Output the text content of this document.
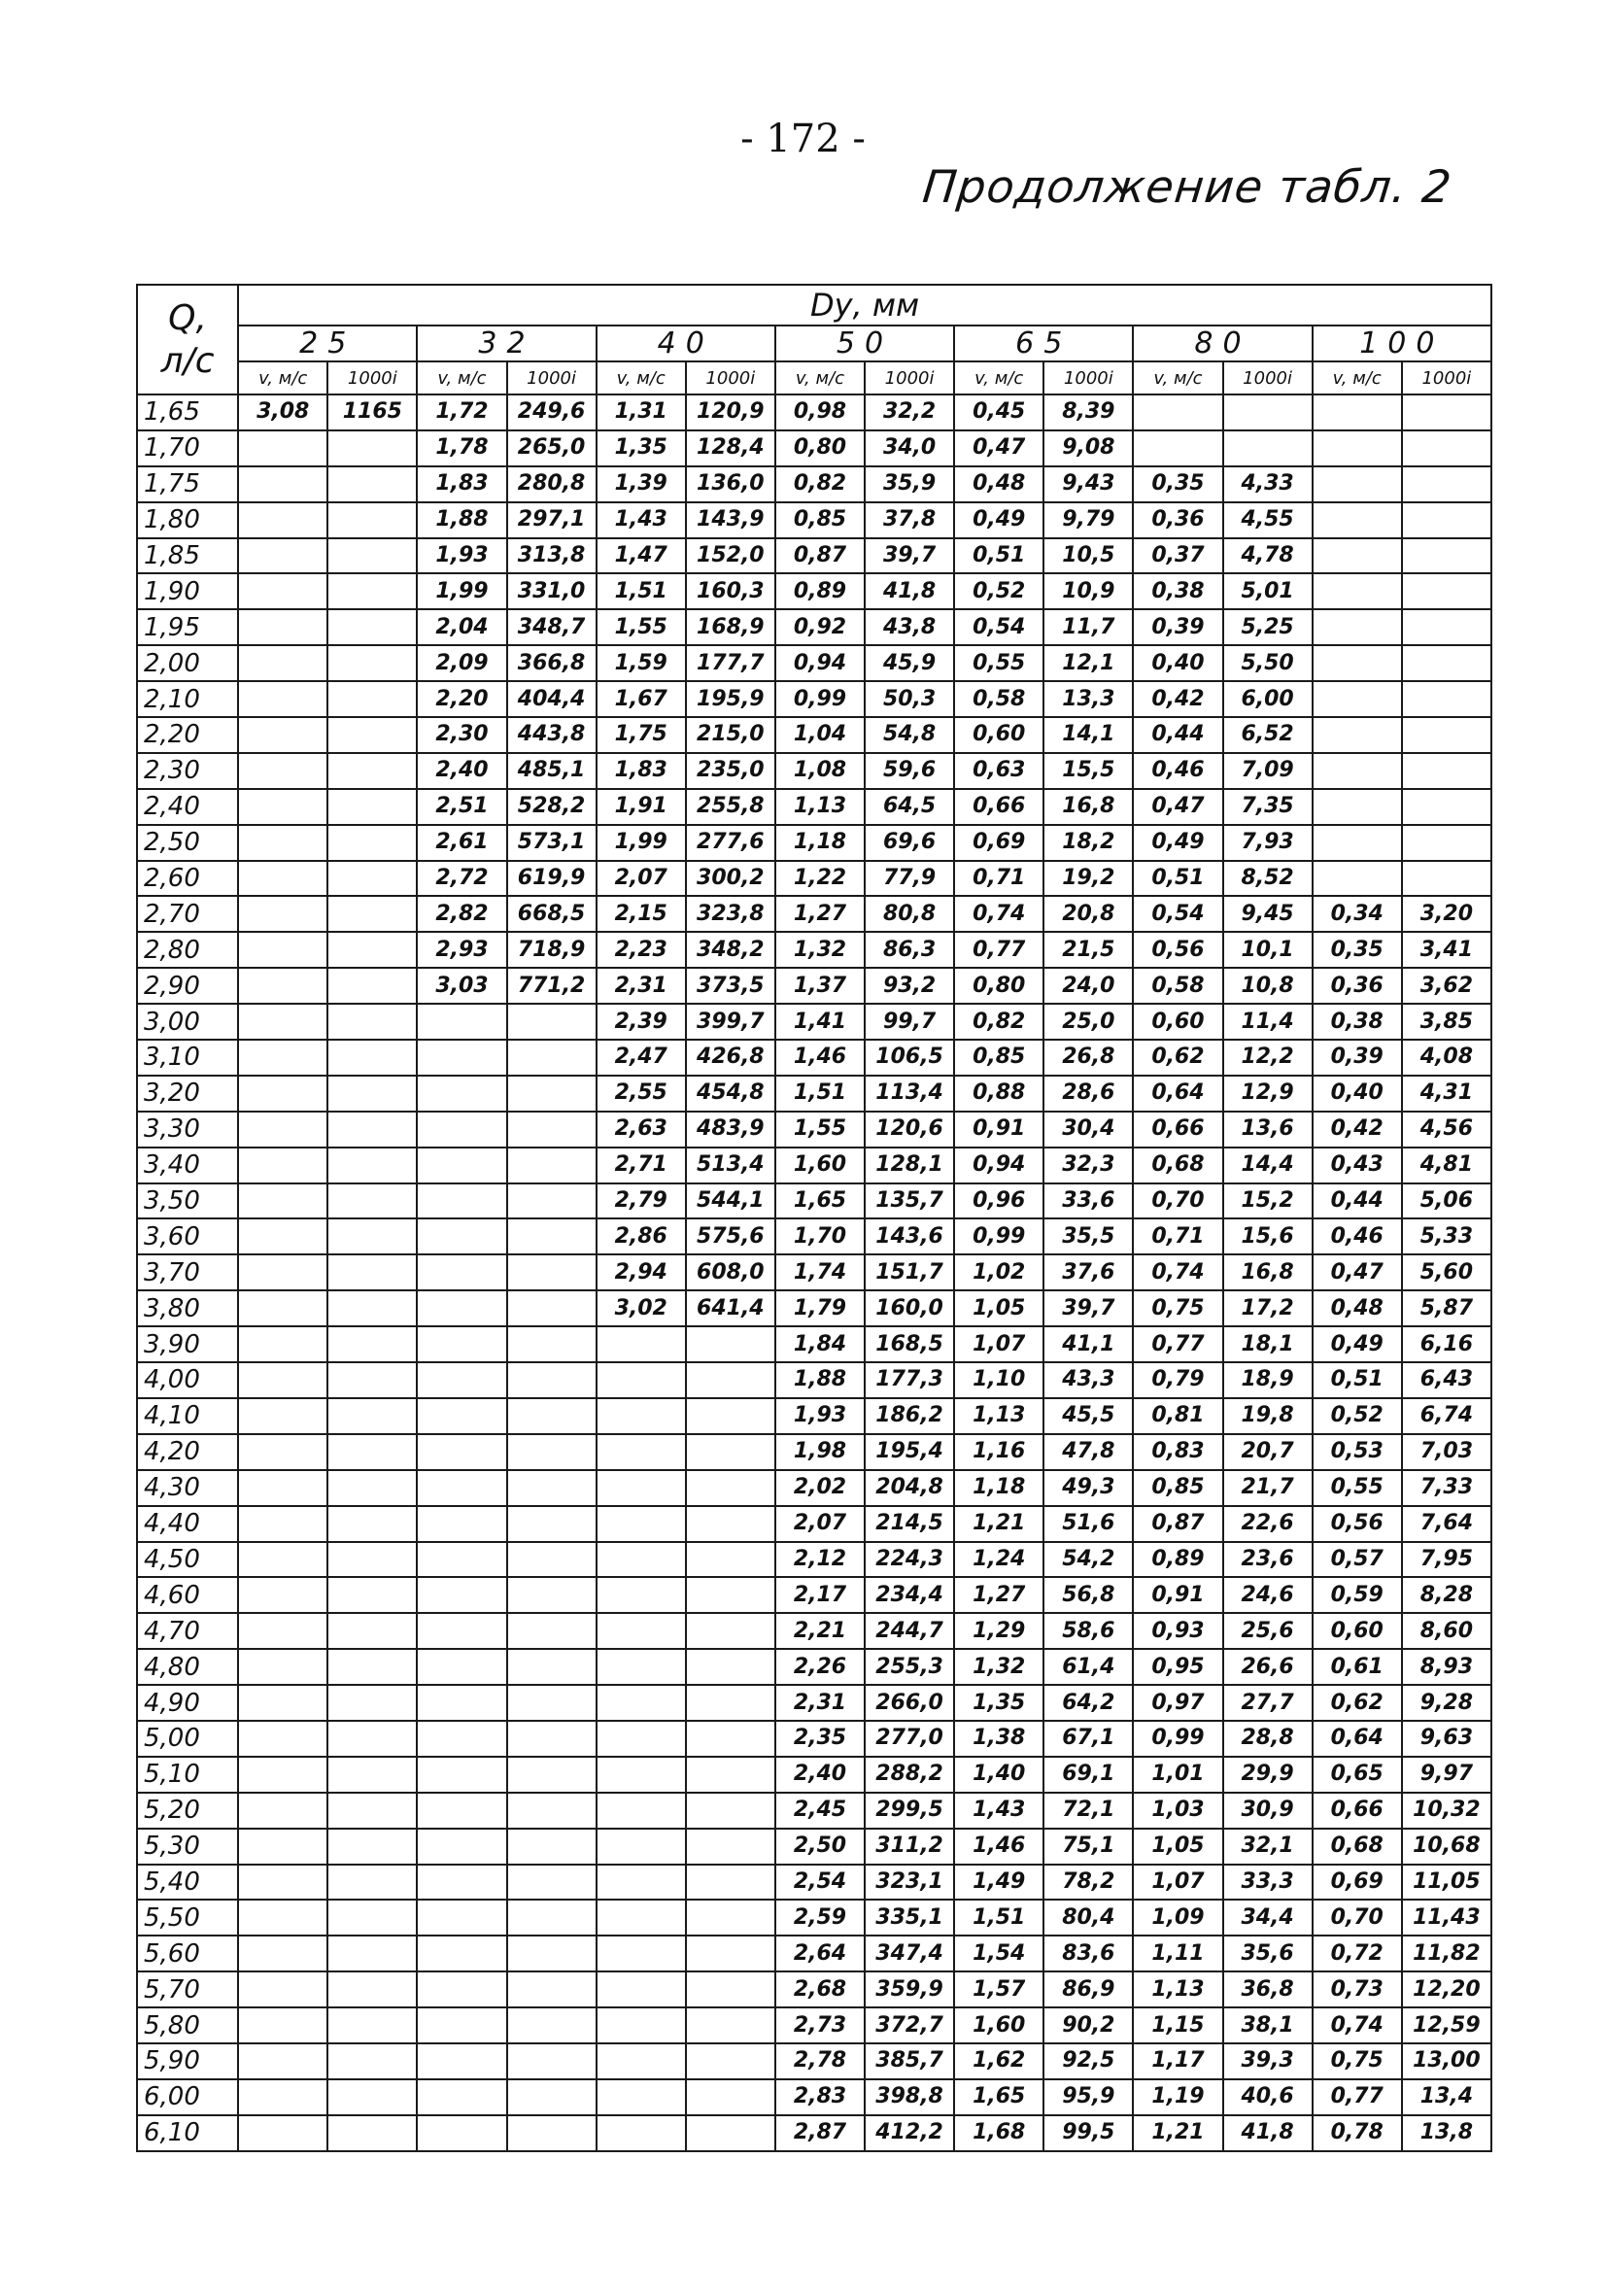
- 172 -
Продолжение табл. 2
Q,
л/с	Dу, мм													
	25		32		40		50		65		80		100	
	v, м/с	1000i	v, м/с	1000i	v, м/с	1000i	v, м/с	1000i	v, м/с	1000i	v, м/с	1000i	v, м/с	1000i
1,65	3,08	1165	1,72	249,6	1,31	120,9	0,98	32,2	0,45	8,39				
1,70			1,78	265,0	1,35	128,4	0,80	34,0	0,47	9,08				
1,75			1,83	280,8	1,39	136,0	0,82	35,9	0,48	9,43	0,35	4,33		
1,80			1,88	297,1	1,43	143,9	0,85	37,8	0,49	9,79	0,36	4,55		
1,85			1,93	313,8	1,47	152,0	0,87	39,7	0,51	10,5	0,37	4,78		
1,90			1,99	331,0	1,51	160,3	0,89	41,8	0,52	10,9	0,38	5,01		
1,95			2,04	348,7	1,55	168,9	0,92	43,8	0,54	11,7	0,39	5,25		
2,00			2,09	366,8	1,59	177,7	0,94	45,9	0,55	12,1	0,40	5,50		
2,10			2,20	404,4	1,67	195,9	0,99	50,3	0,58	13,3	0,42	6,00		
2,20			2,30	443,8	1,75	215,0	1,04	54,8	0,60	14,1	0,44	6,52		
2,30			2,40	485,1	1,83	235,0	1,08	59,6	0,63	15,5	0,46	7,09		
2,40			2,51	528,2	1,91	255,8	1,13	64,5	0,66	16,8	0,47	7,35		
2,50			2,61	573,1	1,99	277,6	1,18	69,6	0,69	18,2	0,49	7,93		
2,60			2,72	619,9	2,07	300,2	1,22	77,9	0,71	19,2	0,51	8,52		
2,70			2,82	668,5	2,15	323,8	1,27	80,8	0,74	20,8	0,54	9,45	0,34	3,20
2,80			2,93	718,9	2,23	348,2	1,32	86,3	0,77	21,5	0,56	10,1	0,35	3,41
2,90			3,03	771,2	2,31	373,5	1,37	93,2	0,80	24,0	0,58	10,8	0,36	3,62
3,00					2,39	399,7	1,41	99,7	0,82	25,0	0,60	11,4	0,38	3,85
3,10					2,47	426,8	1,46	106,5	0,85	26,8	0,62	12,2	0,39	4,08
3,20					2,55	454,8	1,51	113,4	0,88	28,6	0,64	12,9	0,40	4,31
3,30					2,63	483,9	1,55	120,6	0,91	30,4	0,66	13,6	0,42	4,56
3,40					2,71	513,4	1,60	128,1	0,94	32,3	0,68	14,4	0,43	4,81
3,50					2,79	544,1	1,65	135,7	0,96	33,6	0,70	15,2	0,44	5,06
3,60					2,86	575,6	1,70	143,6	0,99	35,5	0,71	15,6	0,46	5,33
3,70					2,94	608,0	1,74	151,7	1,02	37,6	0,74	16,8	0,47	5,60
3,80					3,02	641,4	1,79	160,0	1,05	39,7	0,75	17,2	0,48	5,87
3,90							1,84	168,5	1,07	41,1	0,77	18,1	0,49	6,16
4,00							1,88	177,3	1,10	43,3	0,79	18,9	0,51	6,43
4,10							1,93	186,2	1,13	45,5	0,81	19,8	0,52	6,74
4,20							1,98	195,4	1,16	47,8	0,83	20,7	0,53	7,03
4,30							2,02	204,8	1,18	49,3	0,85	21,7	0,55	7,33
4,40							2,07	214,5	1,21	51,6	0,87	22,6	0,56	7,64
4,50							2,12	224,3	1,24	54,2	0,89	23,6	0,57	7,95
4,60							2,17	234,4	1,27	56,8	0,91	24,6	0,59	8,28
4,70							2,21	244,7	1,29	58,6	0,93	25,6	0,60	8,60
4,80							2,26	255,3	1,32	61,4	0,95	26,6	0,61	8,93
4,90							2,31	266,0	1,35	64,2	0,97	27,7	0,62	9,28
5,00							2,35	277,0	1,38	67,1	0,99	28,8	0,64	9,63
5,10							2,40	288,2	1,40	69,1	1,01	29,9	0,65	9,97
5,20							2,45	299,5	1,43	72,1	1,03	30,9	0,66	10,32
5,30							2,50	311,2	1,46	75,1	1,05	32,1	0,68	10,68
5,40							2,54	323,1	1,49	78,2	1,07	33,3	0,69	11,05
5,50							2,59	335,1	1,51	80,4	1,09	34,4	0,70	11,43
5,60							2,64	347,4	1,54	83,6	1,11	35,6	0,72	11,82
5,70							2,68	359,9	1,57	86,9	1,13	36,8	0,73	12,20
5,80							2,73	372,7	1,60	90,2	1,15	38,1	0,74	12,59
5,90							2,78	385,7	1,62	92,5	1,17	39,3	0,75	13,00
6,00							2,83	398,8	1,65	95,9	1,19	40,6	0,77	13,4
6,10							2,87	412,2	1,68	99,5	1,21	41,8	0,78	13,8
